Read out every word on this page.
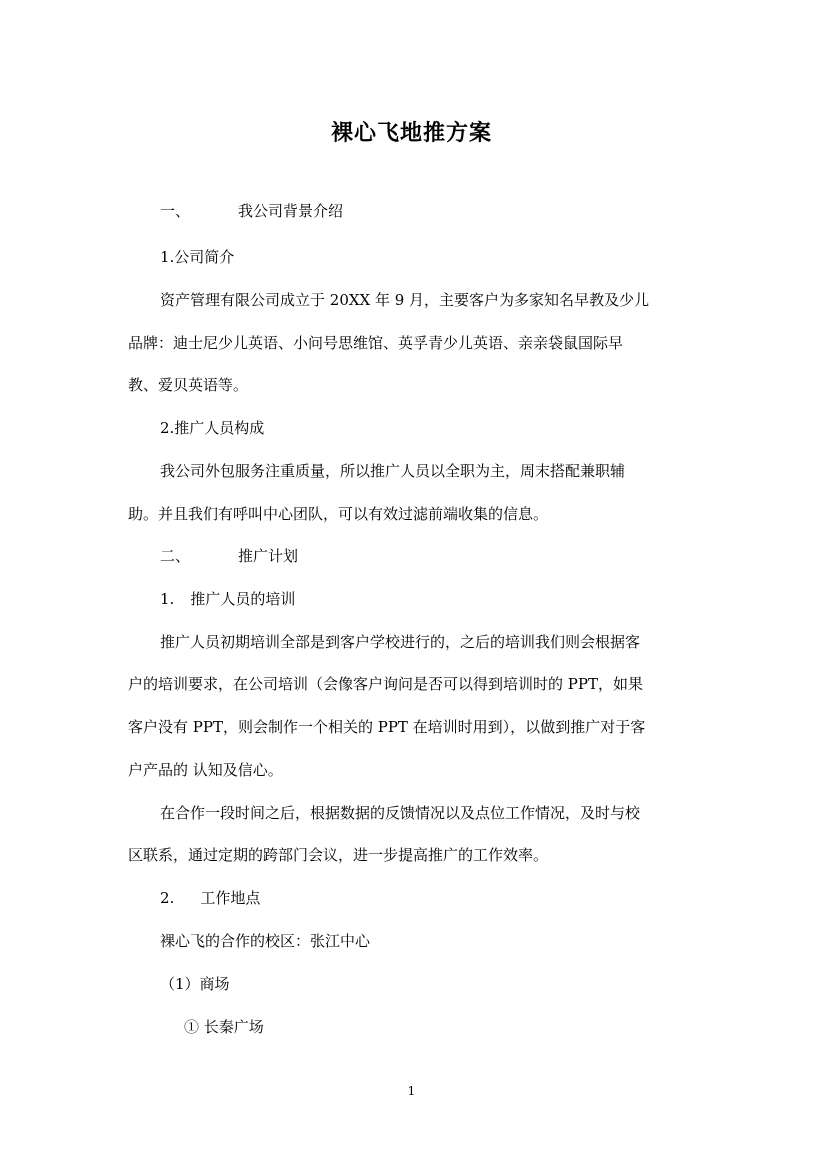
裸心飞地推方案
一、	我公司背景介绍
1.公司简介
资产管理有限公司成立于 20XX 年 9 月，主要客户为多家知名早教及少儿
品牌：迪士尼少儿英语、小问号思维馆、英孚青少儿英语、亲亲袋鼠国际早
教、爱贝英语等。
2.推广人员构成
我公司外包服务注重质量，所以推广人员以全职为主，周末搭配兼职辅
助。并且我们有呼叫中心团队，可以有效过滤前端收集的信息。
二、	推广计划
1. 推广人员的培训
推广人员初期培训全部是到客户学校进行的，之后的培训我们则会根据客
户的培训要求，在公司培训（会像客户询问是否可以得到培训时的 PPT，如果
客户没有 PPT，则会制作一个相关的 PPT 在培训时用到），以做到推广对于客
户产品的 认知及信心。
在合作一段时间之后，根据数据的反馈情况以及点位工作情况，及时与校
区联系，通过定期的跨部门会议，进一步提高推广的工作效率。
2. 工作地点
裸心飞的合作的校区：张江中心
（1）商场
① 长秦广场
1
